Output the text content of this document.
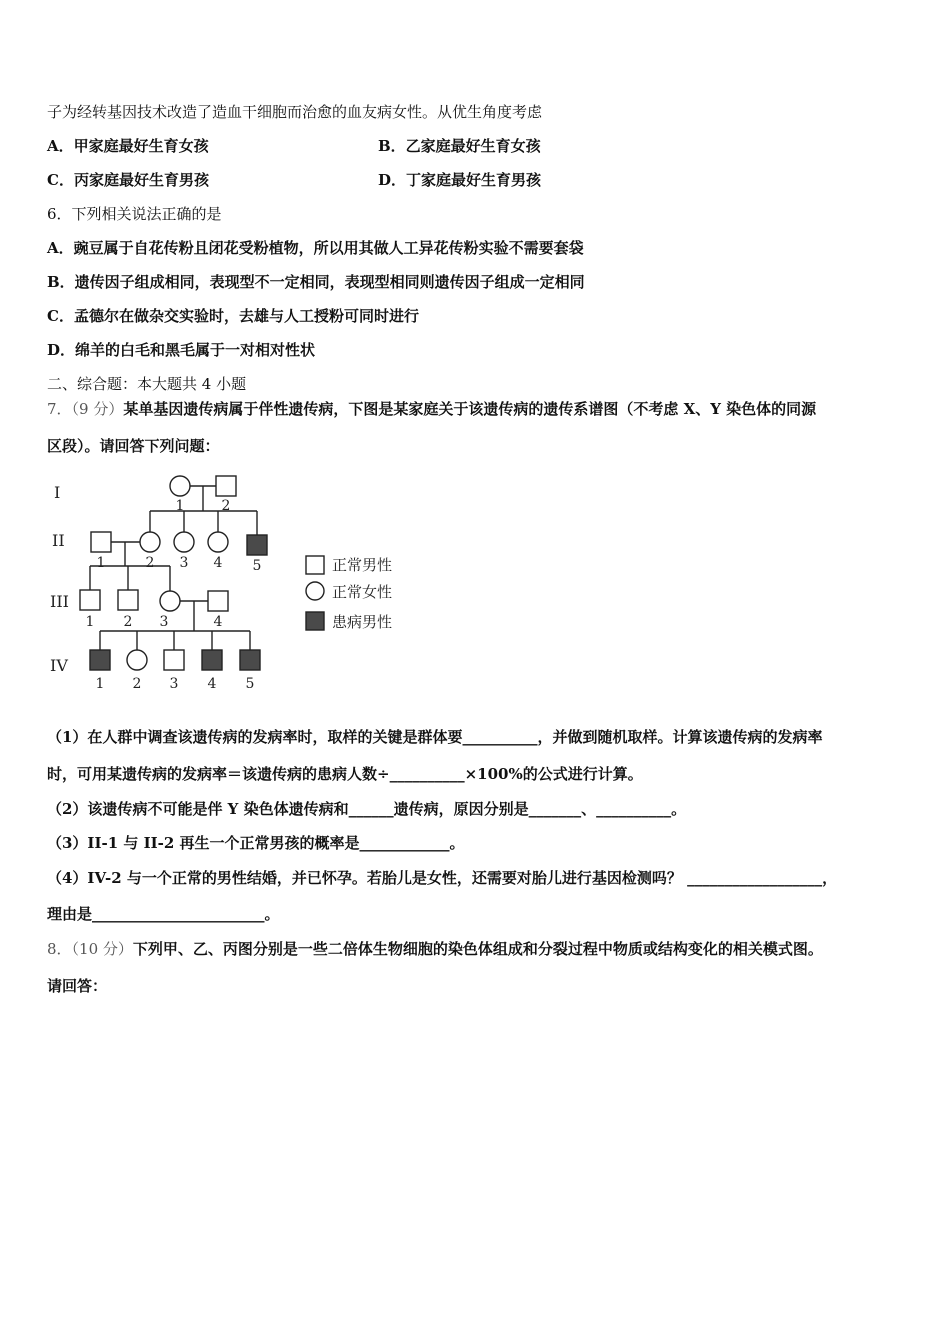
子为经转基因技术改造了造血干细胞而治愈的血友病女性。从优生角度考虑
A．甲家庭最好生育女孩	B．乙家庭最好生育女孩
C．丙家庭最好生育男孩	D．丁家庭最好生育男孩
6．下列相关说法正确的是
A．豌豆属于自花传粉且闭花受粉植物，所以用其做人工异花传粉实验不需要套袋
B．遗传因子组成相同，表现型不一定相同，表现型相同则遗传因子组成一定相同
C．孟德尔在做杂交实验时，去雄与人工授粉可同时进行
D．绵羊的白毛和黑毛属于一对相对性状
二、综合题：本大题共 4 小题
7．（9 分）某单基因遗传病属于伴性遗传病，下图是某家庭关于该遗传病的遗传系谱图（不考虑 X、Y 染色体的同源
区段）。请回答下列问题：
I
II
III
IV
1	2
1	2 3 4 5
1 2 3	4
1 2 3 4 5
正常男性
正常女性
患病男性
（1）在人群中调查该遗传病的发病率时，取样的关键是群体要__________，并做到随机取样。计算该遗传病的发病率
时，可用某遗传病的发病率＝该遗传病的患病人数÷__________×100%的公式进行计算。
（2）该遗传病不可能是伴 Y 染色体遗传病和______遗传病，原因分别是_______、__________。
（3）II-1 与 II-2 再生一个正常男孩的概率是____________。
（4）IV-2 与一个正常的男性结婚，并已怀孕。若胎儿是女性，还需要对胎儿进行基因检测吗？ __________________，
理由是_______________________。
8．（10 分）下列甲、乙、丙图分别是一些二倍体生物细胞的染色体组成和分裂过程中物质或结构变化的相关模式图。
请回答：
